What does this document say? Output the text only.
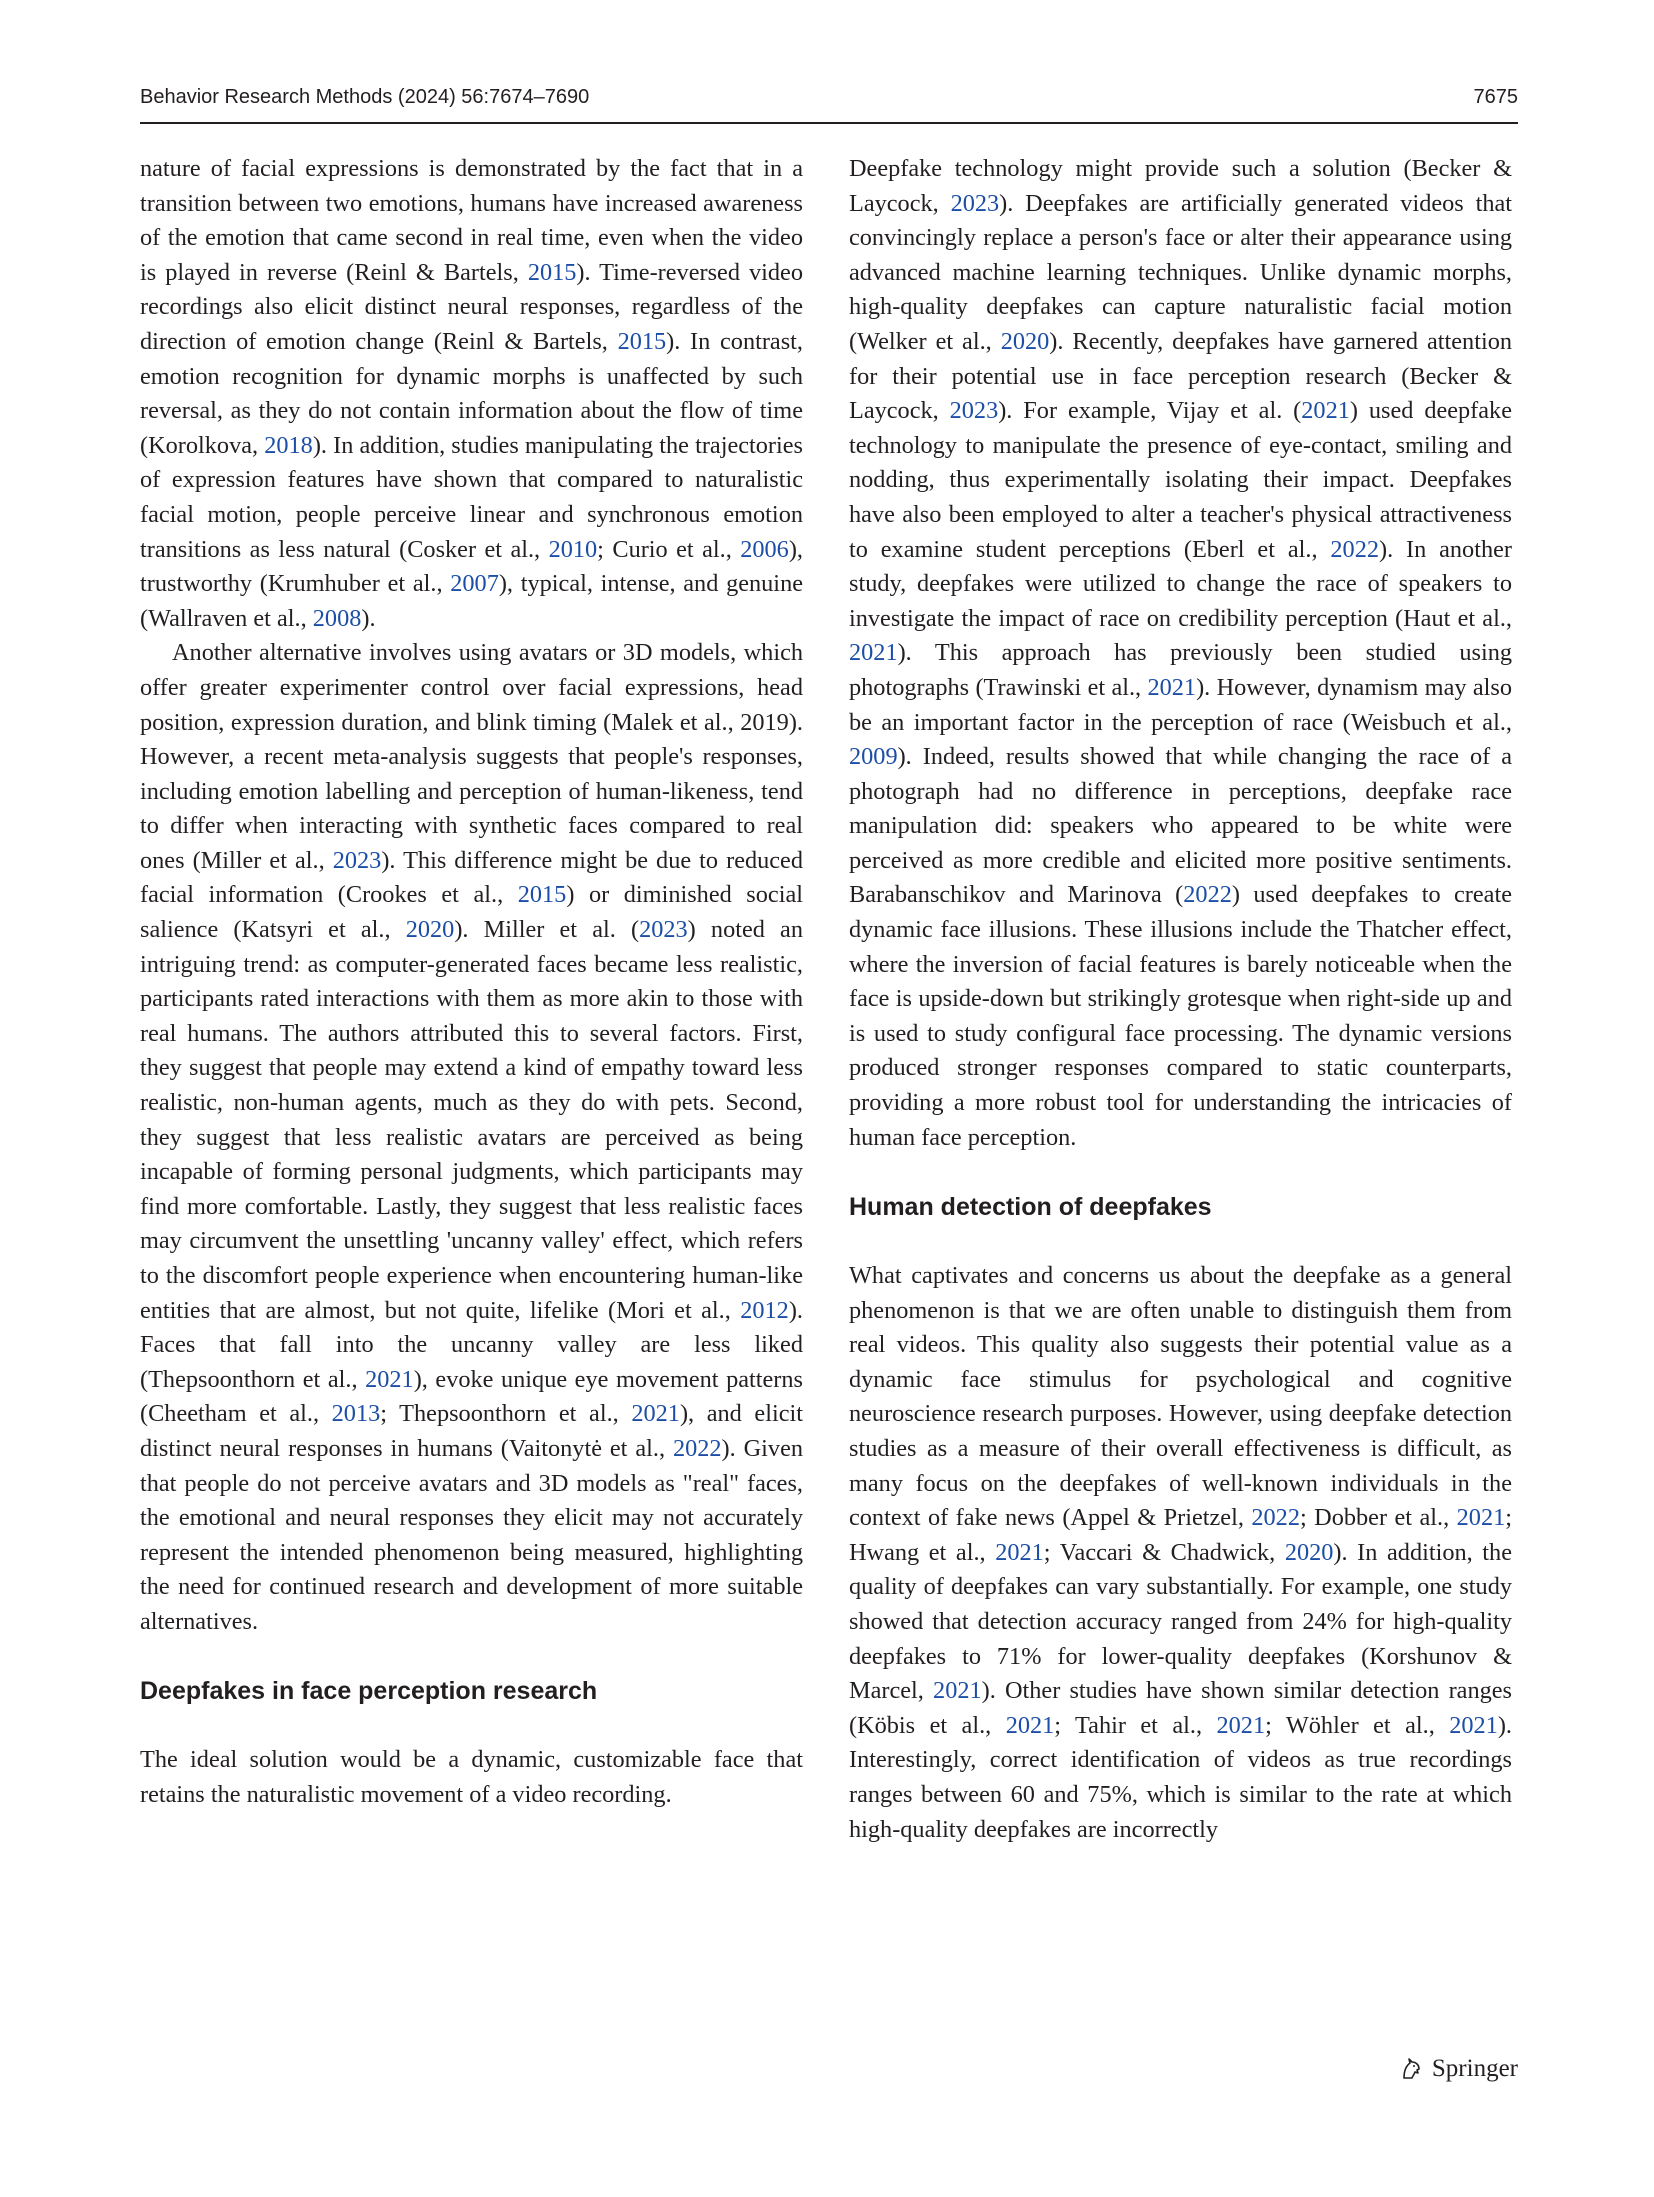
Behavior Research Methods (2024) 56:7674–7690	7675

nature of facial expressions is demonstrated by the fact that in a transition between two emotions, humans have increased awareness of the emotion that came second in real time, even when the video is played in reverse (Reinl & Bartels, 2015). Time-reversed video recordings also elicit distinct neural responses, regardless of the direction of emotion change (Reinl & Bartels, 2015). In contrast, emotion recognition for dynamic morphs is unaffected by such reversal, as they do not contain information about the flow of time (Korolkova, 2018). In addition, studies manipulating the trajectories of expression features have shown that compared to naturalistic facial motion, people perceive linear and synchronous emotion transitions as less natural (Cosker et al., 2010; Curio et al., 2006), trustworthy (Krumhuber et al., 2007), typical, intense, and genuine (Wallraven et al., 2008).

Another alternative involves using avatars or 3D models, which offer greater experimenter control over facial expressions, head position, expression duration, and blink timing (Malek et al., 2019). However, a recent meta-analysis suggests that people's responses, including emotion labelling and perception of human-likeness, tend to differ when interacting with synthetic faces compared to real ones (Miller et al., 2023). This difference might be due to reduced facial information (Crookes et al., 2015) or diminished social salience (Katsyri et al., 2020). Miller et al. (2023) noted an intriguing trend: as computer-generated faces became less realistic, participants rated interactions with them as more akin to those with real humans. The authors attributed this to several factors. First, they suggest that people may extend a kind of empathy toward less realistic, non-human agents, much as they do with pets. Second, they suggest that less realistic avatars are perceived as being incapable of forming personal judgments, which participants may find more comfortable. Lastly, they suggest that less realistic faces may circumvent the unsettling 'uncanny valley' effect, which refers to the discomfort people experience when encountering human-like entities that are almost, but not quite, lifelike (Mori et al., 2012). Faces that fall into the uncanny valley are less liked (Thepsoonthorn et al., 2021), evoke unique eye movement patterns (Cheetham et al., 2013; Thepsoonthorn et al., 2021), and elicit distinct neural responses in humans (Vaitonytė et al., 2022). Given that people do not perceive avatars and 3D models as "real" faces, the emotional and neural responses they elicit may not accurately represent the intended phenomenon being measured, highlighting the need for continued research and development of more suitable alternatives.

Deepfakes in face perception research

The ideal solution would be a dynamic, customizable face that retains the naturalistic movement of a video recording.

Deepfake technology might provide such a solution (Becker & Laycock, 2023). Deepfakes are artificially generated videos that convincingly replace a person's face or alter their appearance using advanced machine learning techniques. Unlike dynamic morphs, high-quality deepfakes can capture naturalistic facial motion (Welker et al., 2020). Recently, deepfakes have garnered attention for their potential use in face perception research (Becker & Laycock, 2023). For example, Vijay et al. (2021) used deepfake technology to manipulate the presence of eye-contact, smiling and nodding, thus experimentally isolating their impact. Deepfakes have also been employed to alter a teacher's physical attractiveness to examine student perceptions (Eberl et al., 2022). In another study, deepfakes were utilized to change the race of speakers to investigate the impact of race on credibility perception (Haut et al., 2021). This approach has previously been studied using photographs (Trawinski et al., 2021). However, dynamism may also be an important factor in the perception of race (Weisbuch et al., 2009). Indeed, results showed that while changing the race of a photograph had no difference in perceptions, deepfake race manipulation did: speakers who appeared to be white were perceived as more credible and elicited more positive sentiments. Barabanschikov and Marinova (2022) used deepfakes to create dynamic face illusions. These illusions include the Thatcher effect, where the inversion of facial features is barely noticeable when the face is upside-down but strikingly grotesque when right-side up and is used to study configural face processing. The dynamic versions produced stronger responses compared to static counterparts, providing a more robust tool for understanding the intricacies of human face perception.

Human detection of deepfakes

What captivates and concerns us about the deepfake as a general phenomenon is that we are often unable to distinguish them from real videos. This quality also suggests their potential value as a dynamic face stimulus for psychological and cognitive neuroscience research purposes. However, using deepfake detection studies as a measure of their overall effectiveness is difficult, as many focus on the deepfakes of well-known individuals in the context of fake news (Appel & Prietzel, 2022; Dobber et al., 2021; Hwang et al., 2021; Vaccari & Chadwick, 2020). In addition, the quality of deepfakes can vary substantially. For example, one study showed that detection accuracy ranged from 24% for high-quality deepfakes to 71% for lower-quality deepfakes (Korshunov & Marcel, 2021). Other studies have shown similar detection ranges (Köbis et al., 2021; Tahir et al., 2021; Wöhler et al., 2021). Interestingly, correct identification of videos as true recordings ranges between 60 and 75%, which is similar to the rate at which high-quality deepfakes are incorrectly

Springer
